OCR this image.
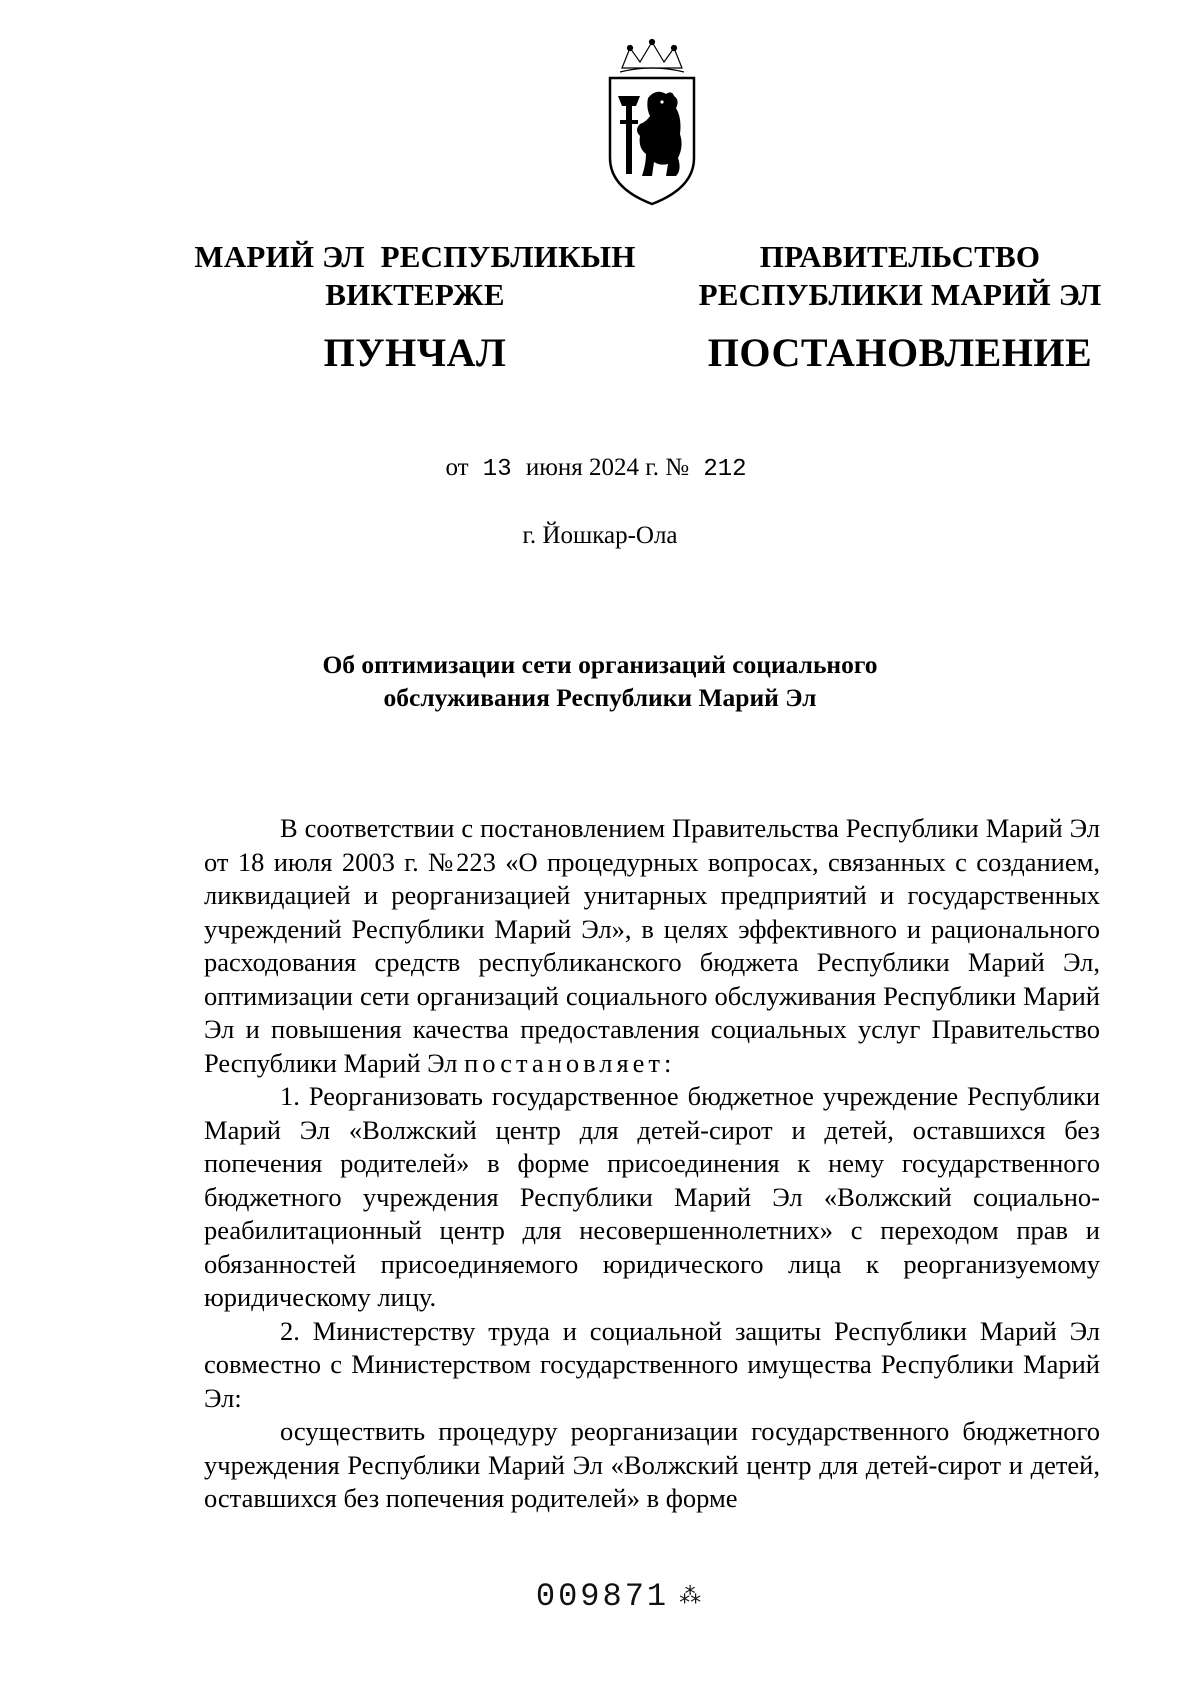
МАРИЙ ЭЛ  РЕСПУБЛИКЫН
ВИКТЕРЖЕ
ПУНЧАЛ
ПРАВИТЕЛЬСТВО
РЕСПУБЛИКИ МАРИЙ ЭЛ
ПОСТАНОВЛЕНИЕ
от 13 июня 2024 г. № 212
г. Йошкар-Ола
Об оптимизации сети организаций социального
обслуживания Республики Марий Эл

В соответствии с постановлением Правительства Республики Марий Эл от 18 июля 2003 г. №223 «О процедурных вопросах, связанных с созданием, ликвидацией и реорганизацией унитарных предприятий и государственных учреждений Республики Марий Эл», в целях эффективного и рационального расходования средств республиканского бюджета Республики Марий Эл, оптимизации сети организаций социального обслуживания Республики Марий Эл и повышения качества предоставления социальных услуг Правительство Республики Марий Эл постановляет:

1. Реорганизовать государственное бюджетное учреждение Республики Марий Эл «Волжский центр для детей-сирот и детей, оставшихся без попечения родителей» в форме присоединения к нему государственного бюджетного учреждения Республики Марий Эл «Волжский социально-реабилитационный центр для несовершеннолетних» с переходом прав и обязанностей присоединяемого юридического лица к реорганизуемому юридическому лицу.

2. Министерству труда и социальной защиты Республики Марий Эл совместно с Министерством государственного имущества Республики Марий Эл:

осуществить процедуру реорганизации государственного бюджетного учреждения Республики Марий Эл «Волжский центр для детей-сирот и детей, оставшихся без попечения родителей» в форме

009871 ⁂
